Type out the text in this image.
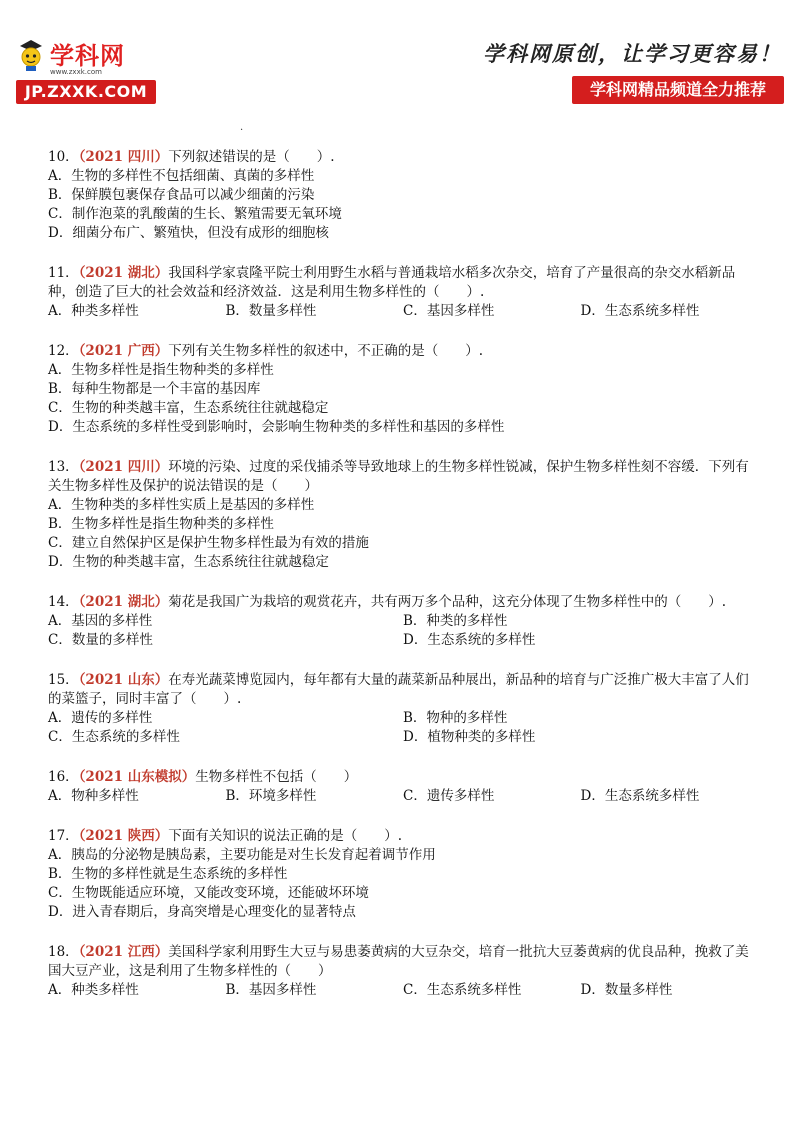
学科网
www.zxxk.com
JP.ZXXK.COM
学科网原创，让学习更容易！
学科网精品频道全力推荐
.

10．（2021 四川）下列叙述错误的是（　　）.

A．生物的多样性不包括细菌、真菌的多样性

B．保鲜膜包裹保存食品可以减少细菌的污染

C．制作泡菜的乳酸菌的生长、繁殖需要无氧环境

D．细菌分布广、繁殖快，但没有成形的细胞核

11．（2021 湖北）我国科学家袁隆平院士利用野生水稻与普通栽培水稻多次杂交，培育了产量很高的杂交水稻新品种，创造了巨大的社会效益和经济效益．这是利用生物多样性的（　　）.

A．种类多样性	B．数量多样性	C．基因多样性	D．生态系统多样性

12．（2021 广西）下列有关生物多样性的叙述中，不正确的是（　　）.

A．生物多样性是指生物种类的多样性

B．每种生物都是一个丰富的基因库

C．生物的种类越丰富，生态系统往往就越稳定

D．生态系统的多样性受到影响时，会影响生物种类的多样性和基因的多样性

13．（2021 四川）环境的污染、过度的采伐捕杀等导致地球上的生物多样性锐减，保护生物多样性刻不容缓．下列有关生物多样性及保护的说法错误的是（　　）

A．生物种类的多样性实质上是基因的多样性

B．生物多样性是指生物种类的多样性

C．建立自然保护区是保护生物多样性最为有效的措施

D．生物的种类越丰富，生态系统往往就越稳定

14．（2021 湖北）菊花是我国广为栽培的观赏花卉，共有两万多个品种，这充分体现了生物多样性中的（　　）.

A．基因的多样性	B．种类的多样性

C．数量的多样性	D．生态系统的多样性

15．（2021 山东）在寿光蔬菜博览园内，每年都有大量的蔬菜新品种展出，新品种的培育与广泛推广极大丰富了人们的菜篮子，同时丰富了（　　）.

A．遗传的多样性	B．物种的多样性

C．生态系统的多样性	D．植物种类的多样性

16．（2021 山东模拟）生物多样性不包括（　　）

A．物种多样性	B．环境多样性	C．遗传多样性	D．生态系统多样性

17．（2021 陕西）下面有关知识的说法正确的是（　　）.

A．胰岛的分泌物是胰岛素，主要功能是对生长发育起着调节作用

B．生物的多样性就是生态系统的多样性

C．生物既能适应环境，又能改变环境，还能破坏环境

D．进入青春期后，身高突增是心理变化的显著特点

18．（2021 江西）美国科学家利用野生大豆与易患萎黄病的大豆杂交，培育一批抗大豆萎黄病的优良品种，挽救了美国大豆产业，这是利用了生物多样性的（　　）

A．种类多样性	B．基因多样性	C．生态系统多样性	D．数量多样性
